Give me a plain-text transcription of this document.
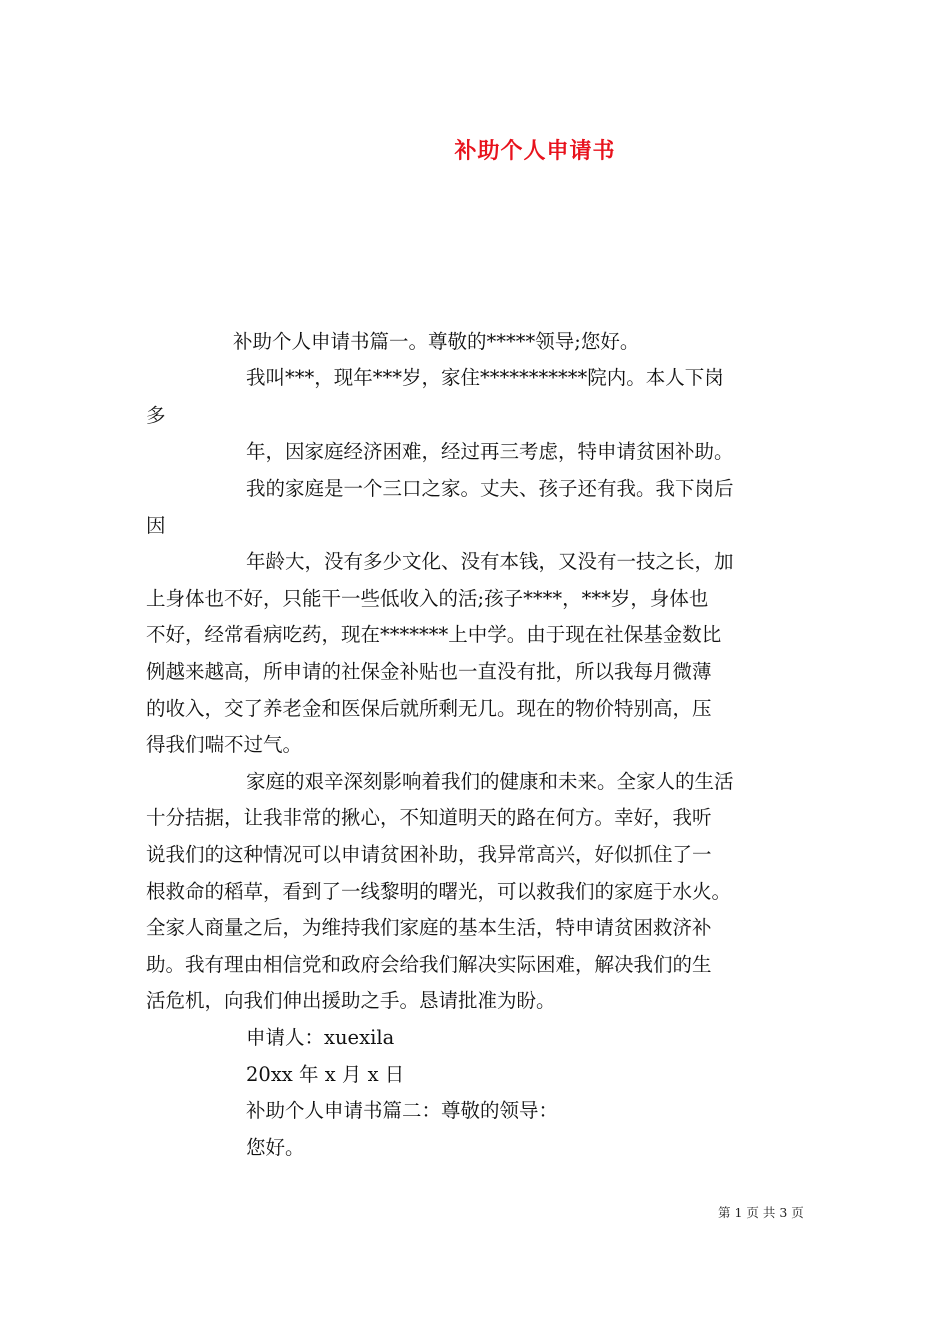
补助个人申请书
补助个人申请书篇一。尊敬的*****领导;您好。
我叫***，现年***岁，家住***********院内。本人下岗
多
年，因家庭经济困难，经过再三考虑，特申请贫困补助。
我的家庭是一个三口之家。丈夫、孩子还有我。我下岗后
因
年龄大，没有多少文化、没有本钱，又没有一技之长，加
上身体也不好，只能干一些低收入的活;孩子****，***岁，身体也
不好，经常看病吃药，现在*******上中学。由于现在社保基金数比
例越来越高，所申请的社保金补贴也一直没有批，所以我每月微薄
的收入，交了养老金和医保后就所剩无几。现在的物价特别高，压
得我们喘不过气。
家庭的艰辛深刻影响着我们的健康和未来。全家人的生活
十分拮据，让我非常的揪心，不知道明天的路在何方。幸好，我听
说我们的这种情况可以申请贫困补助，我异常高兴，好似抓住了一
根救命的稻草，看到了一线黎明的曙光，可以救我们的家庭于水火。
全家人商量之后，为维持我们家庭的基本生活，特申请贫困救济补
助。我有理由相信党和政府会给我们解决实际困难，解决我们的生
活危机，向我们伸出援助之手。恳请批准为盼。
申请人：xuexila
20xx 年 x 月 x 日
补助个人申请书篇二：尊敬的领导：
您好。
第 1 页 共 3 页
